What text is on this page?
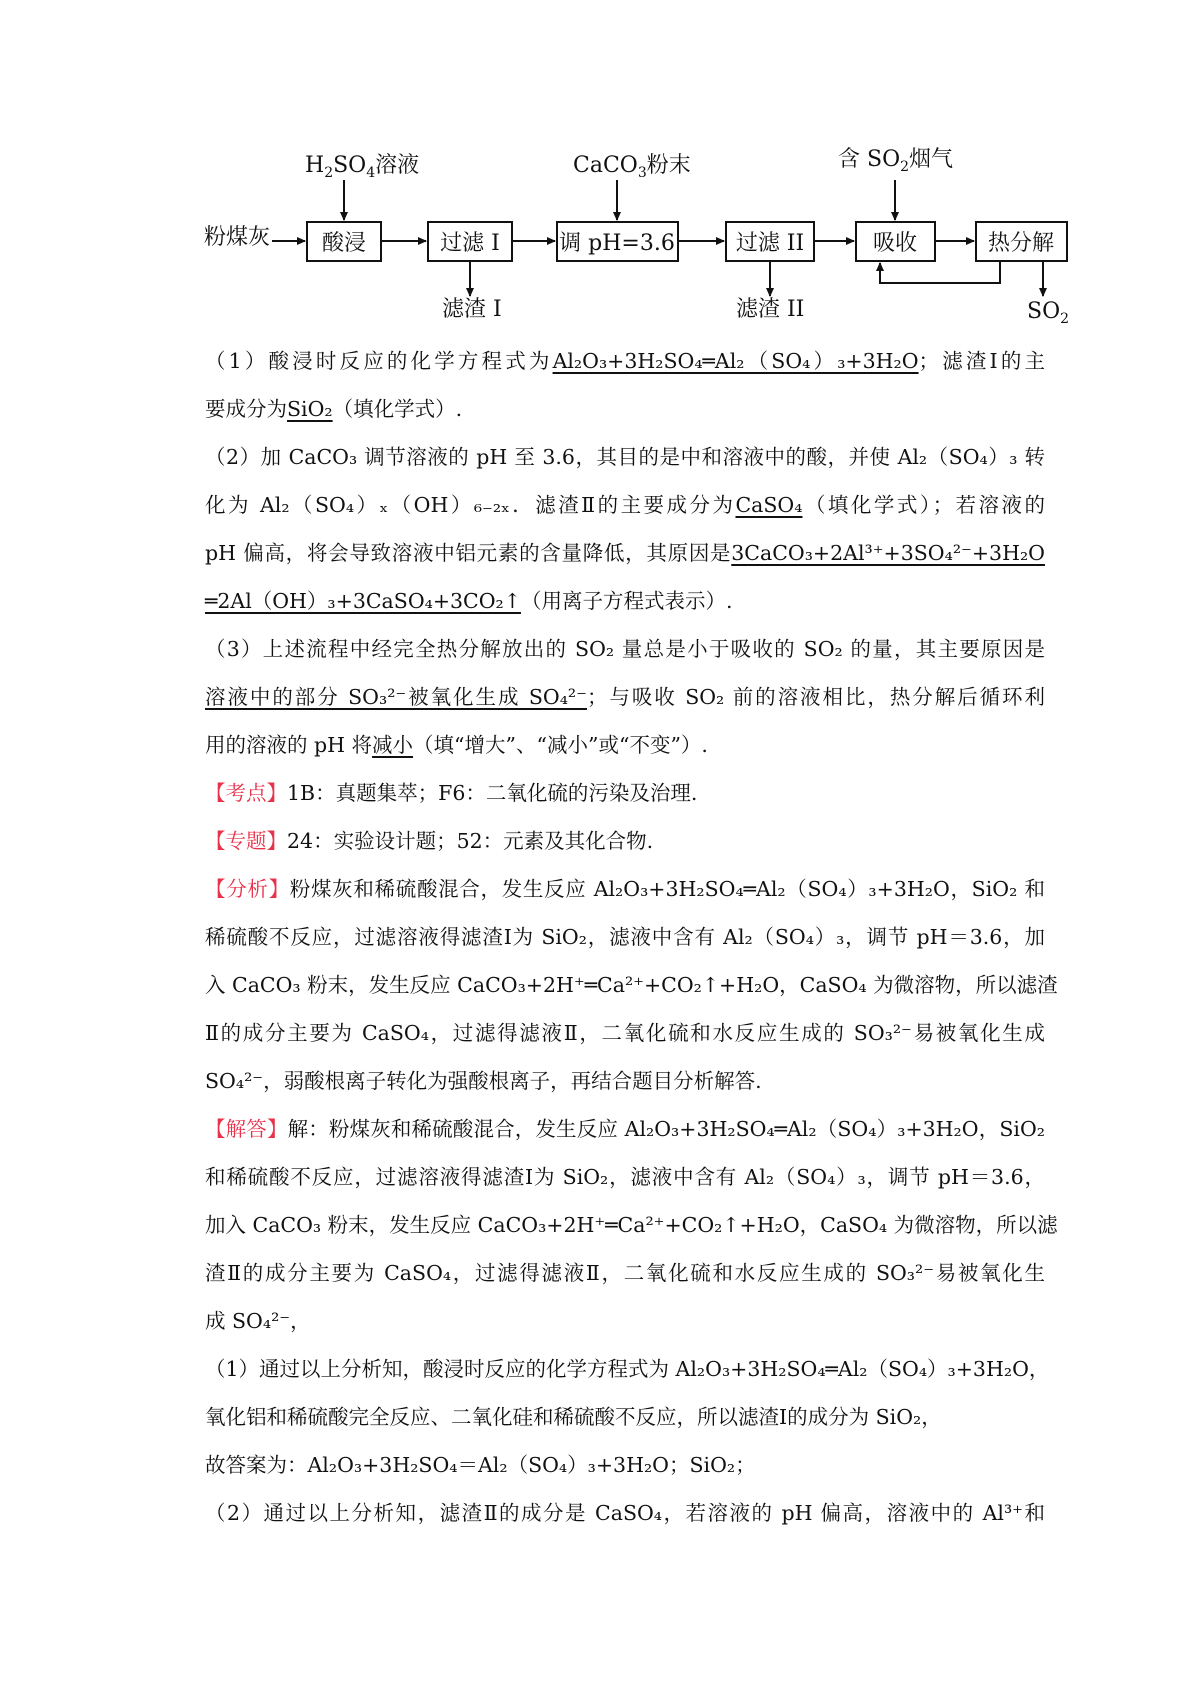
粉煤灰 酸浸	过滤 I	调 pH=3.6	过滤 II	吸收	热分解
$H_2SO_4$溶液	CaCO$_3$粉末	含 $SO_2$烟气
滤渣 I	滤渣 II	$SO_2$
（1）酸浸时反应的化学方程式为Al₂O₃+3H₂SO₄═Al₂（SO₄）₃+3H₂O；滤渣Ⅰ的主
要成分为SiO₂（填化学式）.
（2）加 CaCO₃ 调节溶液的 pH 至 3.6，其目的是中和溶液中的酸，并使 Al₂（SO₄）₃ 转
化为 Al₂（SO₄）ₓ（OH）₆₋₂ₓ．滤渣Ⅱ的主要成分为CaSO₄（填化学式）；若溶液的
pH 偏高，将会导致溶液中铝元素的含量降低，其原因是3CaCO₃+2Al³⁺+3SO₄²⁻+3H₂O
═2Al（OH）₃+3CaSO₄+3CO₂↑（用离子方程式表示）.
（3）上述流程中经完全热分解放出的 SO₂ 量总是小于吸收的 SO₂ 的量，其主要原因是
溶液中的部分 SO₃²⁻被氧化生成 SO₄²⁻；与吸收 SO₂ 前的溶液相比，热分解后循环利
用的溶液的 pH 将减小（填“增大”、“减小”或“不变”）.
【考点】1B：真题集萃；F6：二氧化硫的污染及治理.
【专题】24：实验设计题；52：元素及其化合物.
【分析】粉煤灰和稀硫酸混合，发生反应 Al₂O₃+3H₂SO₄═Al₂（SO₄）₃+3H₂O，SiO₂ 和
稀硫酸不反应，过滤溶液得滤渣Ⅰ为 SiO₂，滤液中含有 Al₂（SO₄）₃，调节 pH＝3.6，加
入 CaCO₃ 粉末，发生反应 CaCO₃+2H⁺═Ca²⁺+CO₂↑+H₂O，CaSO₄ 为微溶物，所以滤渣
Ⅱ的成分主要为 CaSO₄，过滤得滤液Ⅱ，二氧化硫和水反应生成的 SO₃²⁻易被氧化生成
SO₄²⁻，弱酸根离子转化为强酸根离子，再结合题目分析解答.
【解答】解：粉煤灰和稀硫酸混合，发生反应 Al₂O₃+3H₂SO₄═Al₂（SO₄）₃+3H₂O，SiO₂
和稀硫酸不反应，过滤溶液得滤渣Ⅰ为 SiO₂，滤液中含有 Al₂（SO₄）₃，调节 pH＝3.6，
加入 CaCO₃ 粉末，发生反应 CaCO₃+2H⁺═Ca²⁺+CO₂↑+H₂O，CaSO₄ 为微溶物，所以滤
渣Ⅱ的成分主要为 CaSO₄，过滤得滤液Ⅱ，二氧化硫和水反应生成的 SO₃²⁻易被氧化生
成 SO₄²⁻，
（1）通过以上分析知，酸浸时反应的化学方程式为 Al₂O₃+3H₂SO₄═Al₂（SO₄）₃+3H₂O，
氧化铝和稀硫酸完全反应、二氧化硅和稀硫酸不反应，所以滤渣Ⅰ的成分为 SiO₂，
故答案为：Al₂O₃+3H₂SO₄＝Al₂（SO₄）₃+3H₂O；SiO₂；
（2）通过以上分析知，滤渣Ⅱ的成分是 CaSO₄，若溶液的 pH 偏高，溶液中的 Al³⁺和
